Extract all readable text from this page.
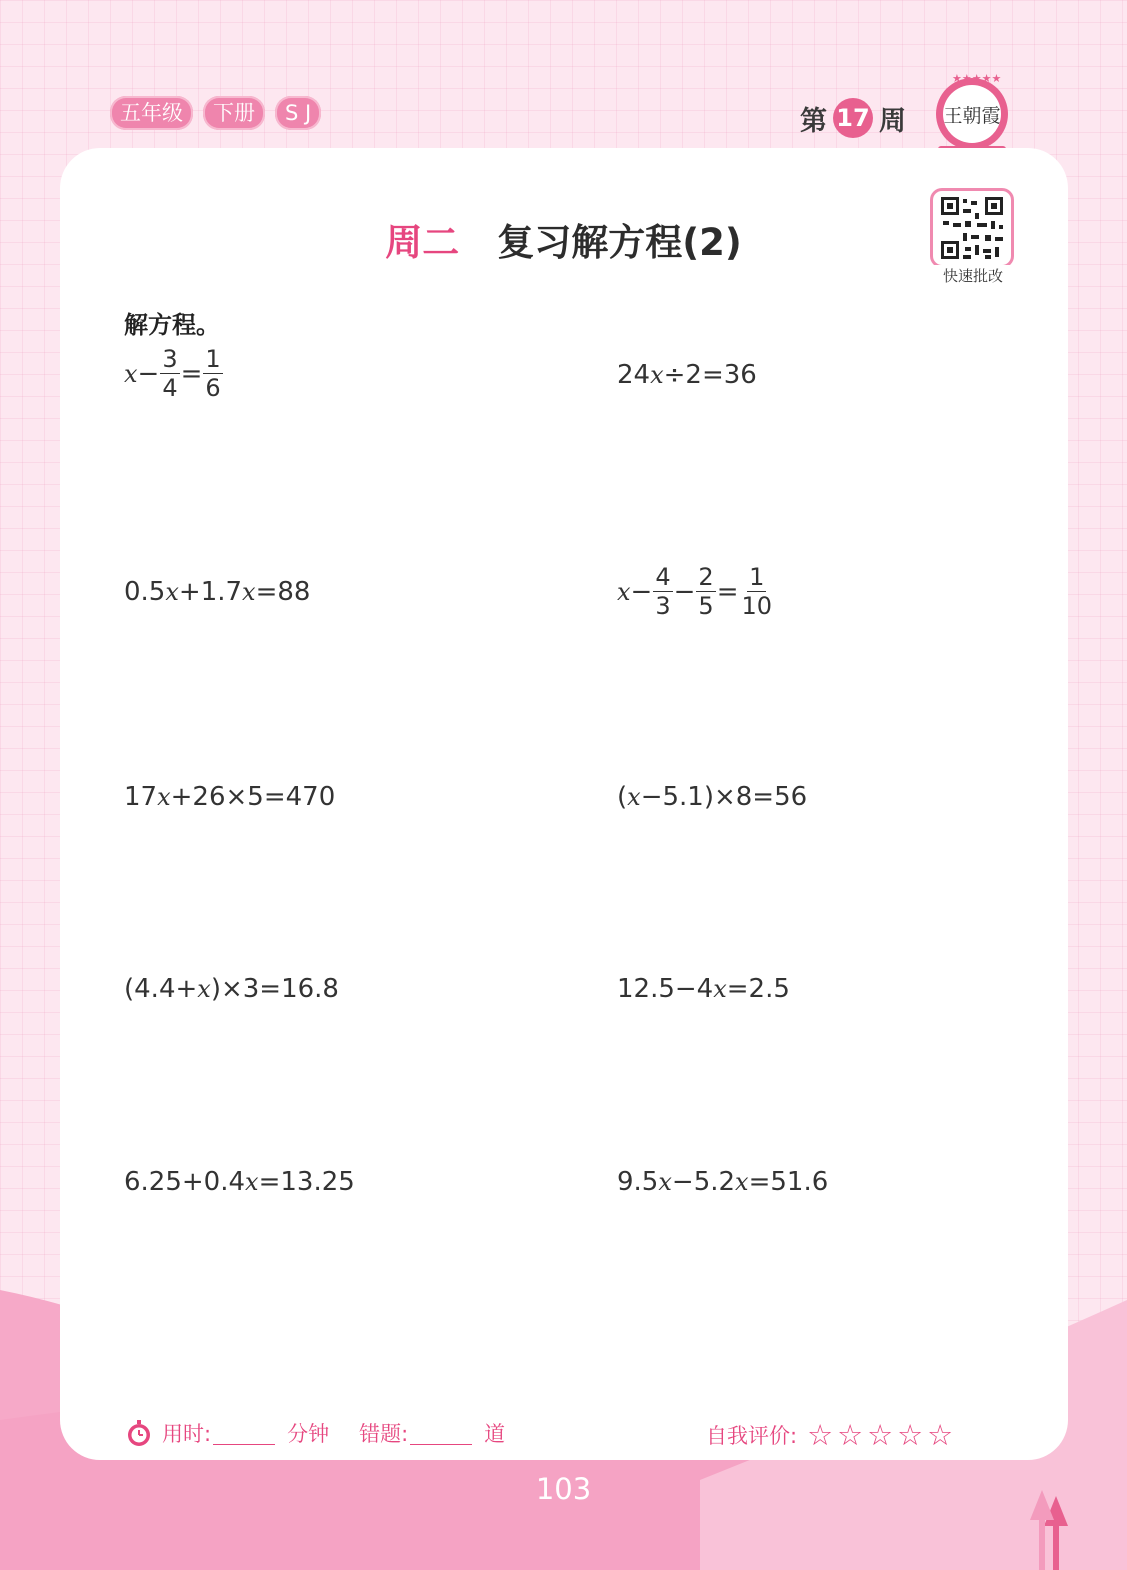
五年级	下册	S J	第 17 周 王朝霞
★★★★★
周二 复习解方程(2)
快速批改
解方程。
$x - \frac{3}{4} = \frac{1}{6}$	24 x ÷2=36
0.5 x +1.7 x =88	$x - \frac{4}{3} - \frac{2}{5} = \frac{1}{10}$
17 x +26×5=470	( x −5.1)×8=56
(4.4+ x )×3=16.8	12.5−4 x =2.5
6.25+0.4 x =13.25	9.5 x −5.2 x =51.6
用时:	分钟 错题:	道	自我评价: ☆☆☆☆☆
103
